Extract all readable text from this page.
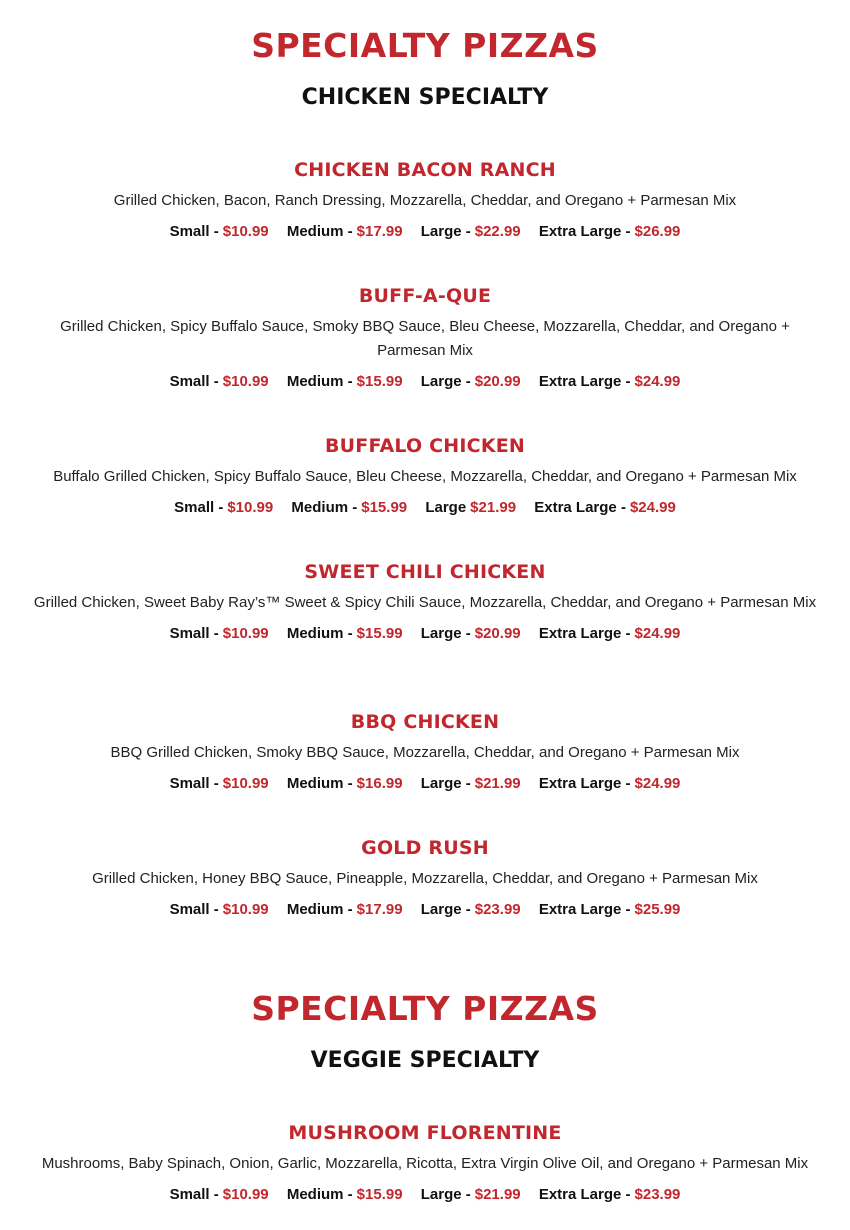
SPECIALTY PIZZAS
CHICKEN SPECIALTY
CHICKEN BACON RANCH

Grilled Chicken, Bacon, Ranch Dressing, Mozzarella, Cheddar, and Oregano + Parmesan Mix

Small - $10.99 Medium - $17.99 Large - $22.99 Extra Large - $26.99
BUFF-A-QUE

Grilled Chicken, Spicy Buffalo Sauce, Smoky BBQ Sauce, Bleu Cheese, Mozzarella, Cheddar, and Oregano + Parmesan Mix

Small - $10.99 Medium - $15.99 Large - $20.99 Extra Large - $24.99
BUFFALO CHICKEN

Buffalo Grilled Chicken, Spicy Buffalo Sauce, Bleu Cheese, Mozzarella, Cheddar, and Oregano + Parmesan Mix

Small - $10.99 Medium - $15.99 Large $21.99 Extra Large - $24.99
SWEET CHILI CHICKEN

Grilled Chicken, Sweet Baby Ray’s™ Sweet & Spicy Chili Sauce, Mozzarella, Cheddar, and Oregano + Parmesan Mix

Small - $10.99 Medium - $15.99 Large - $20.99 Extra Large - $24.99
BBQ CHICKEN

BBQ Grilled Chicken, Smoky BBQ Sauce, Mozzarella, Cheddar, and Oregano + Parmesan Mix

Small - $10.99 Medium - $16.99 Large - $21.99 Extra Large - $24.99
GOLD RUSH

Grilled Chicken, Honey BBQ Sauce, Pineapple, Mozzarella, Cheddar, and Oregano + Parmesan Mix

Small - $10.99 Medium - $17.99 Large - $23.99 Extra Large - $25.99
SPECIALTY PIZZAS
VEGGIE SPECIALTY
MUSHROOM FLORENTINE

Mushrooms, Baby Spinach, Onion, Garlic, Mozzarella, Ricotta, Extra Virgin Olive Oil, and Oregano + Parmesan Mix

Small - $10.99 Medium - $15.99 Large - $21.99 Extra Large - $23.99
